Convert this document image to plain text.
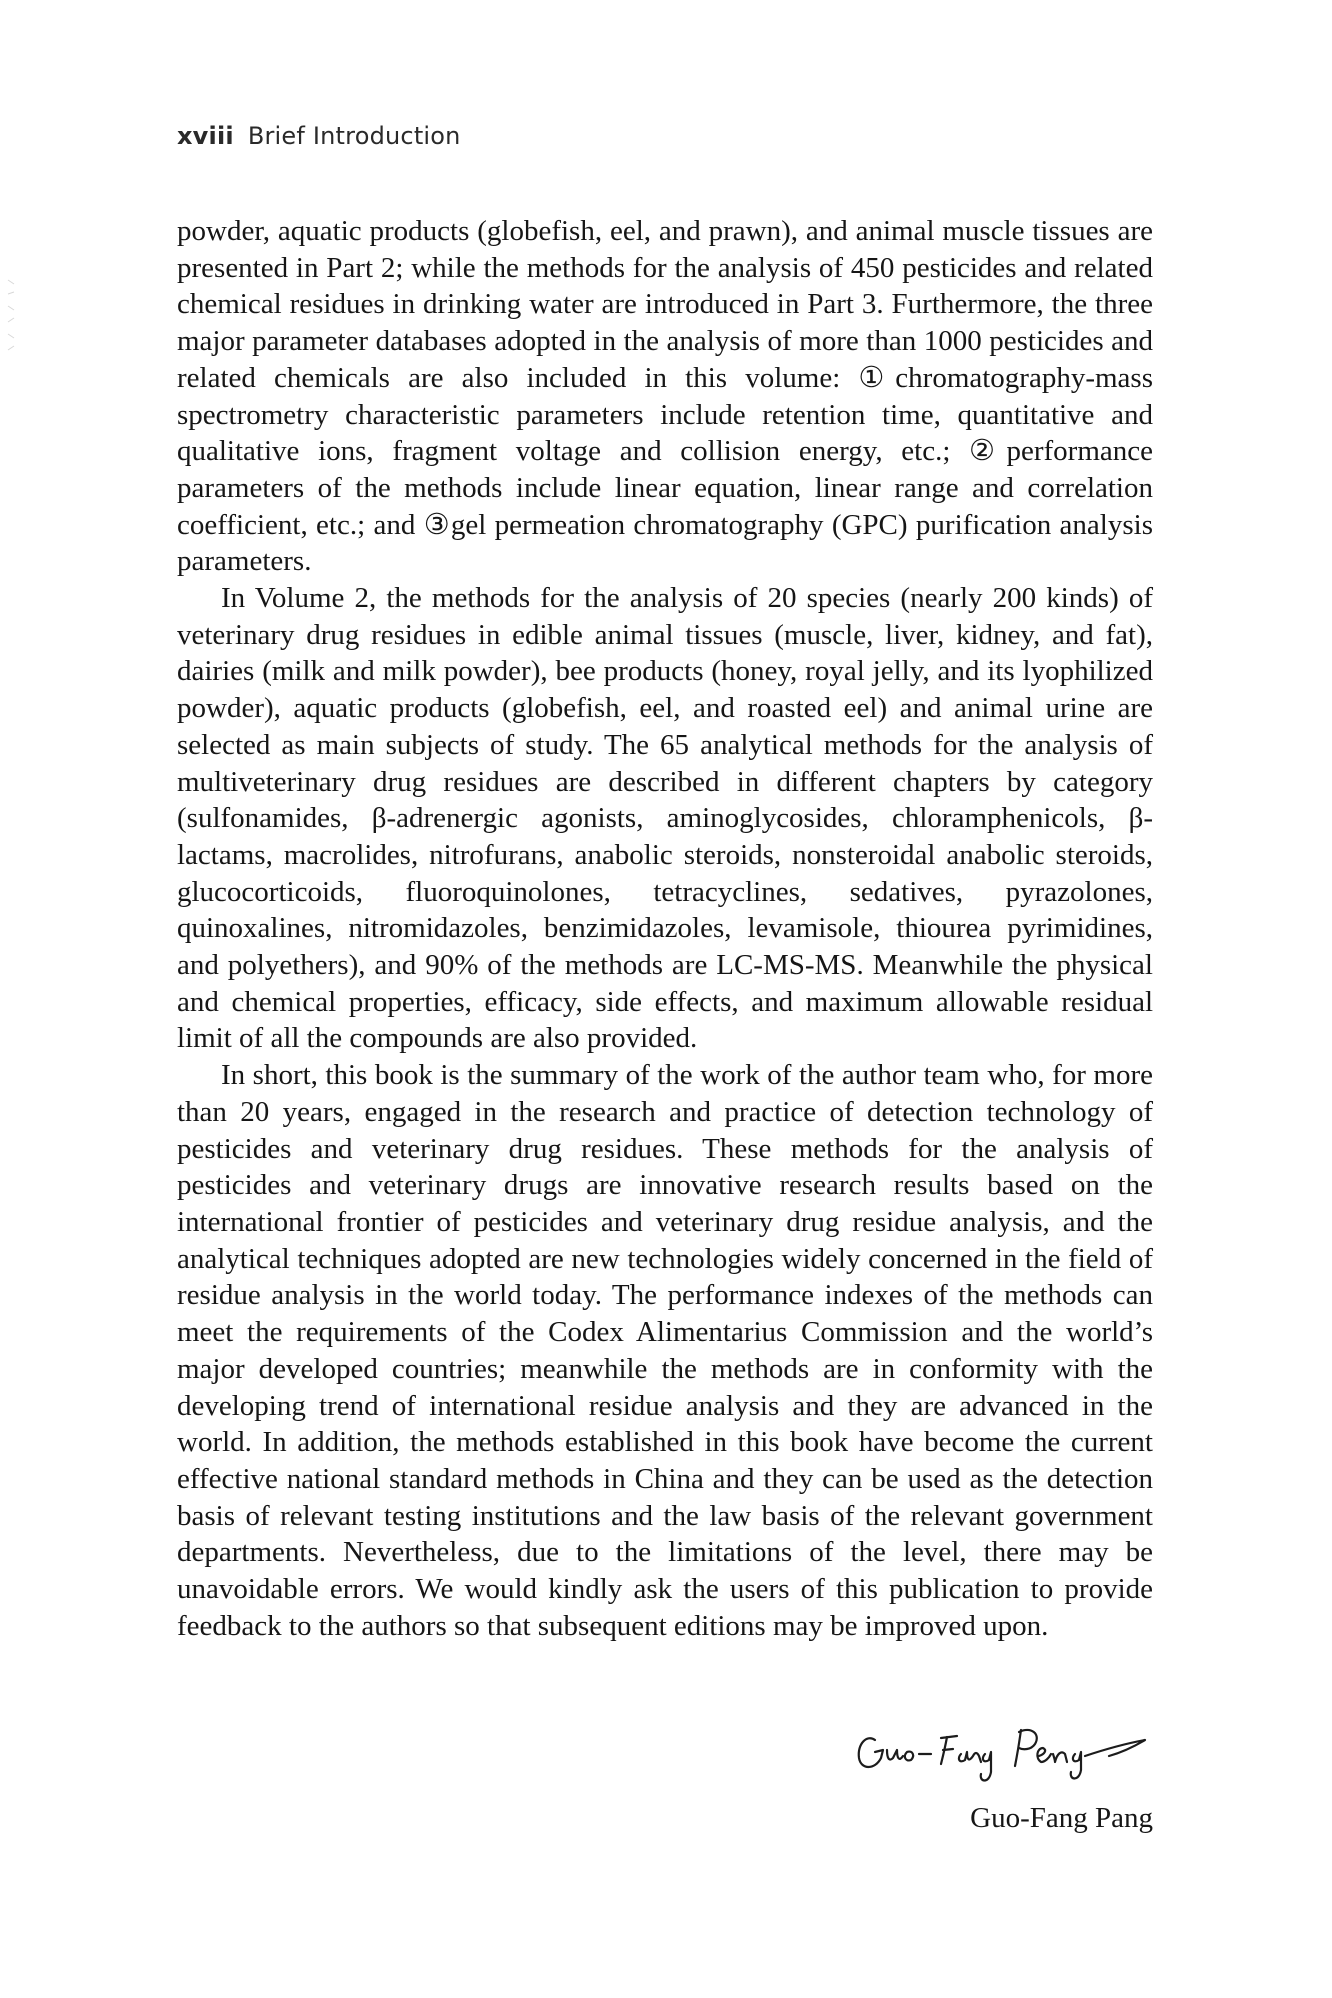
xviii Brief Introduction

powder, aquatic products (globefish, eel, and prawn), and animal muscle tissues are presented in Part 2; while the methods for the analysis of 450 pesticides and related chemical residues in drinking water are introduced in Part 3. Furthermore, the three major parameter databases adopted in the analysis of more than 1000 pesticides and related chemicals are also included in this volume: ①chromatography-mass spectrometry characteristic parameters include retention time, quantitative and qualitative ions, fragment voltage and collision energy, etc.; ②performance parameters of the methods include linear equation, linear range and correlation coefficient, etc.; and ③gel permeation chromatography (GPC) purification analysis parameters.

In Volume 2, the methods for the analysis of 20 species (nearly 200 kinds) of veterinary drug residues in edible animal tissues (muscle, liver, kidney, and fat), dairies (milk and milk powder), bee products (honey, royal jelly, and its lyophilized powder), aquatic products (globefish, eel, and roasted eel) and animal urine are selected as main subjects of study. The 65 analytical methods for the analysis of multiveterinary drug residues are described in different chapters by category (sulfonamides, β-adrenergic agonists, aminoglycosides, chloramphenicols, β-lactams, macrolides, nitrofurans, anabolic steroids, nonsteroidal anabolic steroids, glucocorticoids, fluoroquinolones, tetracyclines, sedatives, pyrazolones, quinoxalines, nitromidazoles, benzimidazoles, levamisole, thiourea pyrimidines, and polyethers), and 90% of the methods are LC-MS-MS. Meanwhile the physical and chemical properties, efficacy, side effects, and maximum allowable residual limit of all the compounds are also provided.

In short, this book is the summary of the work of the author team who, for more than 20 years, engaged in the research and practice of detection technology of pesticides and veterinary drug residues. These methods for the analysis of pesticides and veterinary drugs are innovative research results based on the international frontier of pesticides and veterinary drug residue analysis, and the analytical techniques adopted are new technologies widely concerned in the field of residue analysis in the world today. The performance indexes of the methods can meet the requirements of the Codex Alimentarius Commission and the world’s major developed countries; meanwhile the methods are in conformity with the developing trend of international residue analysis and they are advanced in the world. In addition, the methods established in this book have become the current effective national standard methods in China and they can be used as the detection basis of relevant testing institutions and the law basis of the relevant government departments. Nevertheless, due to the limitations of the level, there may be unavoidable errors. We would kindly ask the users of this publication to provide feedback to the authors so that subsequent editions may be improved upon.

Guo-Fang Pang
